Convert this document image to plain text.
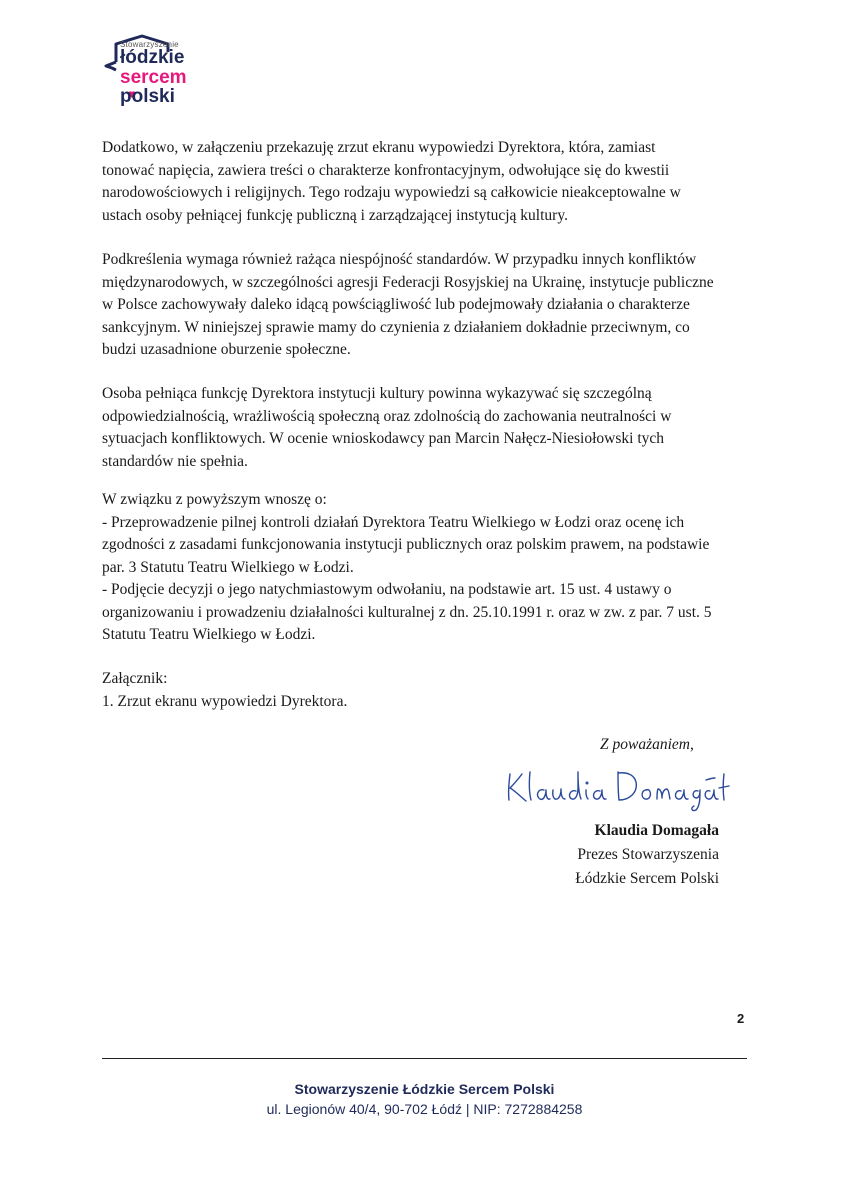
Stowarzyszenie
łódzkie
sercem
polski

Dodatkowo, w załączeniu przekazuję zrzut ekranu wypowiedzi Dyrektora, która, zamiast
tonować napięcia, zawiera treści o charakterze konfrontacyjnym, odwołujące się do kwestii
narodowościowych i religijnych. Tego rodzaju wypowiedzi są całkowicie nieakceptowalne w
ustach osoby pełniącej funkcję publiczną i zarządzającej instytucją kultury.

Podkreślenia wymaga również rażąca niespójność standardów. W przypadku innych konfliktów
międzynarodowych, w szczególności agresji Federacji Rosyjskiej na Ukrainę, instytucje publiczne
w Polsce zachowywały daleko idącą powściągliwość lub podejmowały działania o charakterze
sankcyjnym. W niniejszej sprawie mamy do czynienia z działaniem dokładnie przeciwnym, co
budzi uzasadnione oburzenie społeczne.

Osoba pełniąca funkcję Dyrektora instytucji kultury powinna wykazywać się szczególną
odpowiedzialnością, wrażliwością społeczną oraz zdolnością do zachowania neutralności w
sytuacjach konfliktowych. W ocenie wnioskodawcy pan Marcin Nałęcz-Niesiołowski tych
standardów nie spełnia.

W związku z powyższym wnoszę o:
- Przeprowadzenie pilnej kontroli działań Dyrektora Teatru Wielkiego w Łodzi oraz ocenę ich
zgodności z zasadami funkcjonowania instytucji publicznych oraz polskim prawem, na podstawie
par. 3 Statutu Teatru Wielkiego w Łodzi.
- Podjęcie decyzji o jego natychmiastowym odwołaniu, na podstawie art. 15 ust. 4 ustawy o
organizowaniu i prowadzeniu działalności kulturalnej z dn. 25.10.1991 r. oraz w zw. z par. 7 ust. 5
Statutu Teatru Wielkiego w Łodzi.

Załącznik:
1. Zrzut ekranu wypowiedzi Dyrektora.

Z poważaniem,
Klaudia Domagała
Prezes Stowarzyszenia
Łódzkie Sercem Polski
2
Stowarzyszenie Łódzkie Sercem Polski
ul. Legionów 40/4, 90-702 Łódź | NIP: 7272884258
